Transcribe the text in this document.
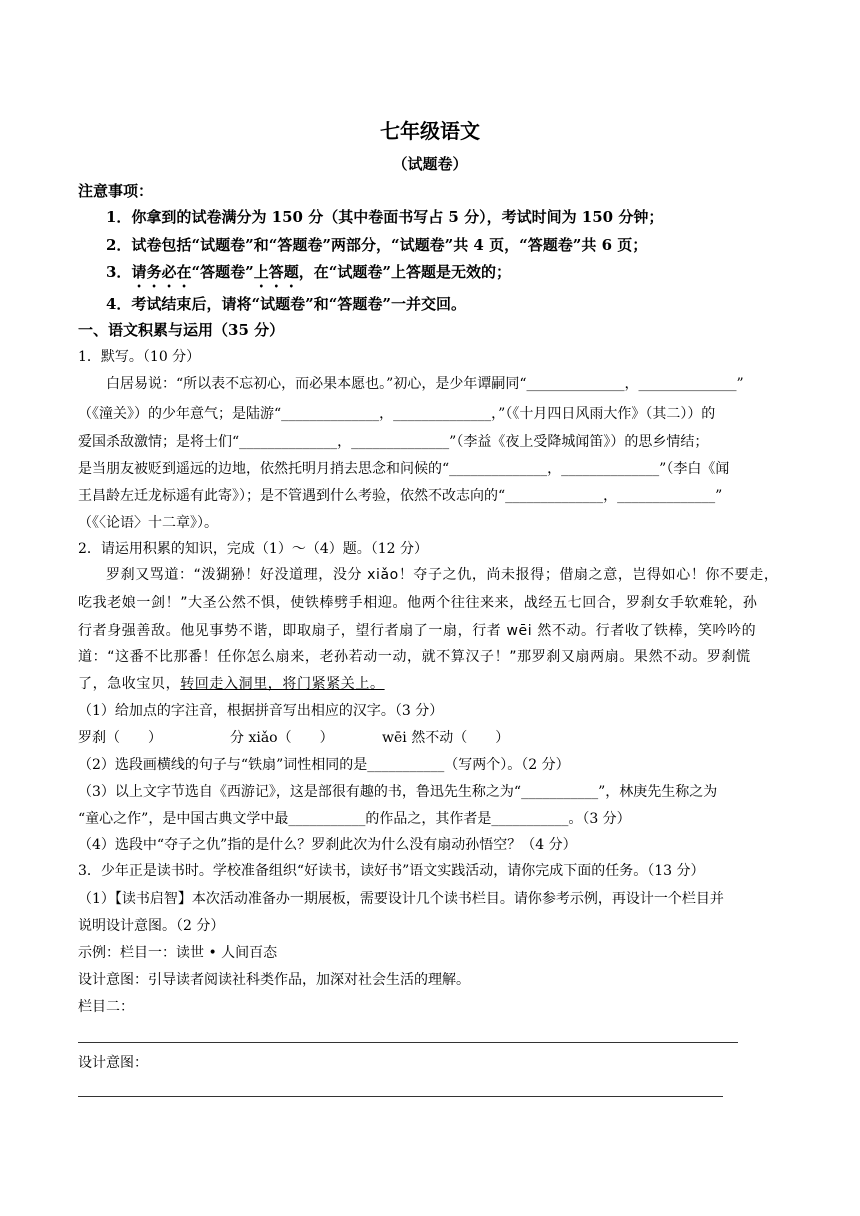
七年级语文
（试题卷）
注意事项：
1．你拿到的试卷满分为 150 分（其中卷面书写占 5 分），考试时间为 150 分钟；
2．试卷包括“试题卷”和“答题卷”两部分，“试题卷”共 4 页，“答题卷”共 6 页；
3．请务必在“答题卷”上答题，在“试题卷”上答题是无效的；
4．考试结束后，请将“试题卷”和“答题卷”一并交回。
一、语文积累与运用（35 分）
1．默写。（10 分）
白居易说：“所以表不忘初心，而必果本愿也。”初心，是少年谭嗣同“______________，______________”
（《潼关》）的少年意气；是陆游“______________，______________，”（《十月四日风雨大作》（其二））的
爱国杀敌激情；是将士们“______________，______________”（李益《夜上受降城闻笛》）的思乡情结；
是当朋友被贬到遥远的边地，依然托明月捎去思念和问候的“______________，______________”（李白《闻
王昌龄左迁龙标遥有此寄》）；是不管遇到什么考验，依然不改志向的“______________，______________”
（《〈论语〉十二章》）。
2．请运用积累的知识，完成（1）～（4）题。（12 分）
罗刹又骂道：“泼猢狲！好没道理，没分 xiǎo！夺子之仇，尚未报得；借扇之意，岂得如心！你不要走，
吃我老娘一剑！”大圣公然不惧，使铁棒劈手相迎。他两个往往来来，战经五七回合，罗刹女手软难轮，孙
行者身强善敌。他见事势不谐，即取扇子，望行者扇了一扇，行者 wēi 然不动。行者收了铁棒，笑吟吟的
道：“这番不比那番！任你怎么扇来，老孙若动一动，就不算汉子！”那罗刹又扇两扇。果然不动。罗刹慌
了，急收宝贝，转回走入洞里，将门紧紧关上。
（1）给加点的字注音，根据拼音写出相应的汉字。（3 分）
罗刹（　　）	分 xiǎo（　　）	wēi 然不动（　　）
（2）选段画横线的句子与“铁扇”词性相同的是___________（写两个）。（2 分）
（3）以上文字节选自《西游记》，这是部很有趣的书，鲁迅先生称之为“___________”，林庚先生称之为
“童心之作”，是中国古典文学中最___________的作品之，其作者是___________。（3 分）
（4）选段中“夺子之仇”指的是什么？罗刹此次为什么没有扇动孙悟空？（4 分）
3．少年正是读书时。学校准备组织“好读书，读好书”语文实践活动，请你完成下面的任务。（13 分）
（1）【读书启智】本次活动准备办一期展板，需要设计几个读书栏目。请你参考示例，再设计一个栏目并
说明设计意图。（2 分）
示例：栏目一：读世 • 人间百态
设计意图：引导读者阅读社科类作品，加深对社会生活的理解。
栏目二：
设计意图：
